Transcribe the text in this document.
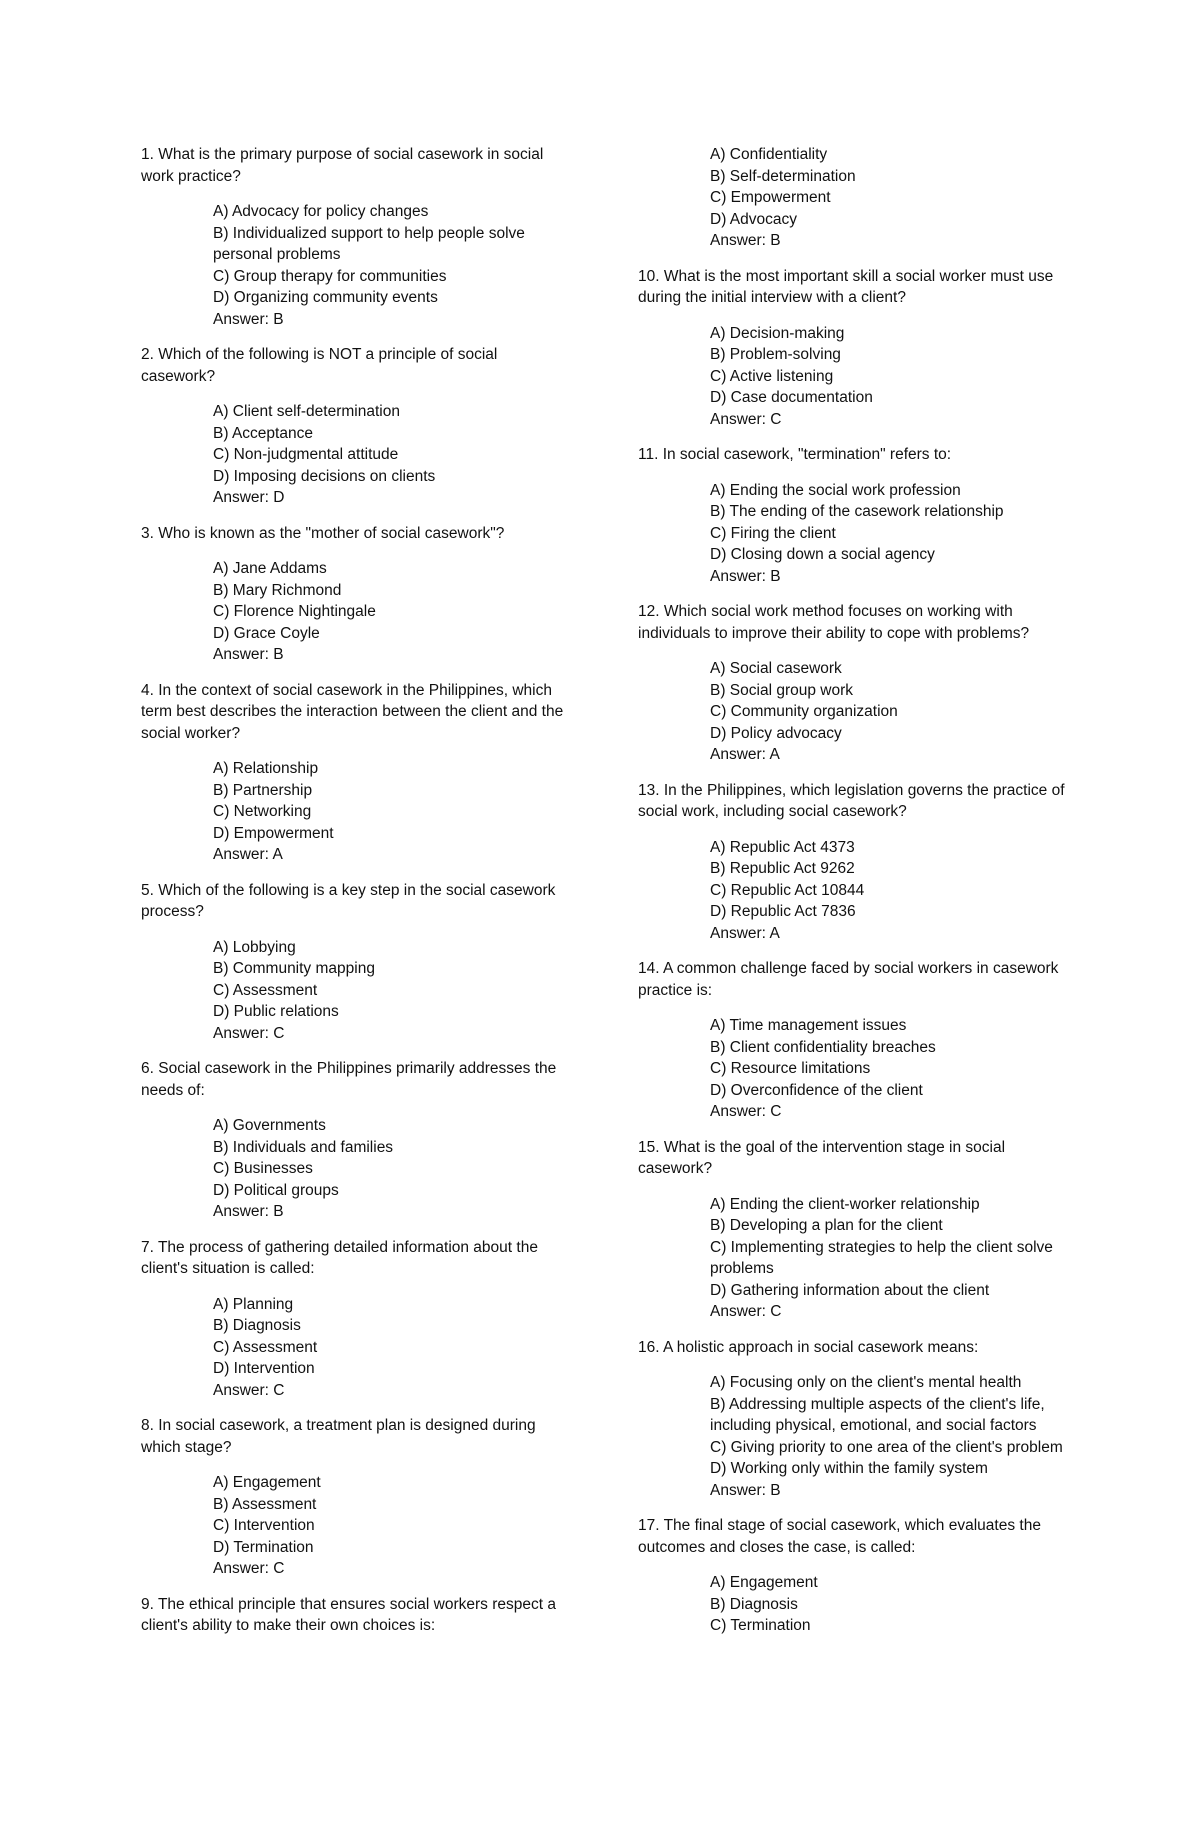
1. What is the primary purpose of social casework in social work practice?
A) Advocacy for policy changes
B) Individualized support to help people solve personal problems
C) Group therapy for communities
D) Organizing community events
Answer: B
2. Which of the following is NOT a principle of social casework?
A) Client self-determination
B) Acceptance
C) Non-judgmental attitude
D) Imposing decisions on clients
Answer: D
3. Who is known as the "mother of social casework"?
A) Jane Addams
B) Mary Richmond
C) Florence Nightingale
D) Grace Coyle
Answer: B
4. In the context of social casework in the Philippines, which term best describes the interaction between the client and the social worker?
A) Relationship
B) Partnership
C) Networking
D) Empowerment
Answer: A
5. Which of the following is a key step in the social casework process?
A) Lobbying
B) Community mapping
C) Assessment
D) Public relations
Answer: C
6. Social casework in the Philippines primarily addresses the needs of:
A) Governments
B) Individuals and families
C) Businesses
D) Political groups
Answer: B
7. The process of gathering detailed information about the client's situation is called:
A) Planning
B) Diagnosis
C) Assessment
D) Intervention
Answer: C
8. In social casework, a treatment plan is designed during which stage?
A) Engagement
B) Assessment
C) Intervention
D) Termination
Answer: C
9. The ethical principle that ensures social workers respect a client's ability to make their own choices is:
A) Confidentiality
B) Self-determination
C) Empowerment
D) Advocacy
Answer: B
10. What is the most important skill a social worker must use during the initial interview with a client?
A) Decision-making
B) Problem-solving
C) Active listening
D) Case documentation
Answer: C
11. In social casework, "termination" refers to:
A) Ending the social work profession
B) The ending of the casework relationship
C) Firing the client
D) Closing down a social agency
Answer: B
12. Which social work method focuses on working with individuals to improve their ability to cope with problems?
A) Social casework
B) Social group work
C) Community organization
D) Policy advocacy
Answer: A
13. In the Philippines, which legislation governs the practice of social work, including social casework?
A) Republic Act 4373
B) Republic Act 9262
C) Republic Act 10844
D) Republic Act 7836
Answer: A
14. A common challenge faced by social workers in casework practice is:
A) Time management issues
B) Client confidentiality breaches
C) Resource limitations
D) Overconfidence of the client
Answer: C
15. What is the goal of the intervention stage in social casework?
A) Ending the client-worker relationship
B) Developing a plan for the client
C) Implementing strategies to help the client solve problems
D) Gathering information about the client
Answer: C
16. A holistic approach in social casework means:
A) Focusing only on the client's mental health
B) Addressing multiple aspects of the client's life, including physical, emotional, and social factors
C) Giving priority to one area of the client's problem
D) Working only within the family system
Answer: B
17. The final stage of social casework, which evaluates the outcomes and closes the case, is called:
A) Engagement
B) Diagnosis
C) Termination
